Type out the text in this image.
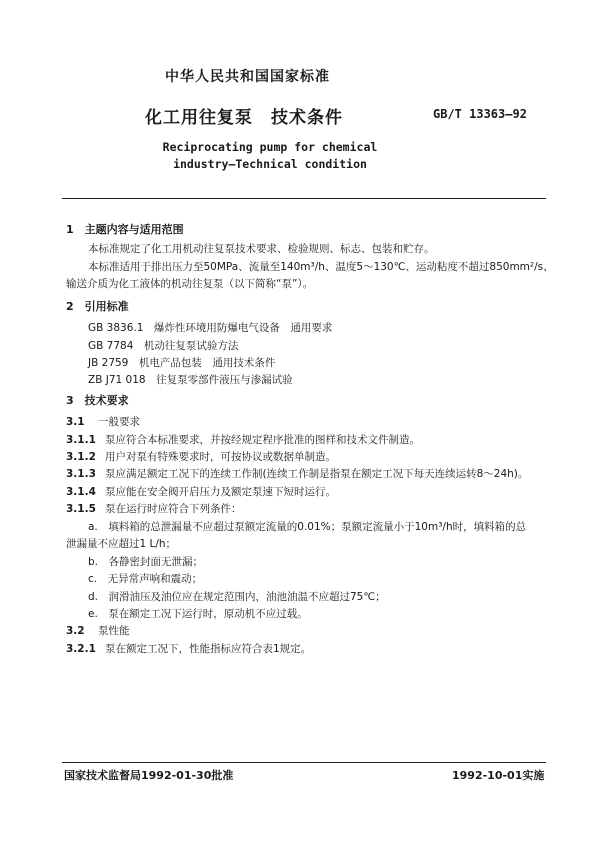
中华人民共和国国家标准
化工用往复泵　技术条件	GB/T 13363—92
Reciprocating pump for chemical
industry—Technical condition
1　主题内容与适用范围
本标准规定了化工用机动往复泵技术要求、检验规则、标志、包装和贮存。
本标准适用于排出压力至50MPa、流量至140m³/h、温度5～130℃、运动粘度不超过850mm²/s、
输送介质为化工液体的机动往复泵（以下简称“泵”）。
2　引用标准
GB 3836.1　爆炸性环境用防爆电气设备　通用要求
GB 7784　机动往复泵试验方法
JB 2759　机电产品包装　通用技术条件
ZB J71 018　往复泵零部件液压与渗漏试验
3　技术要求
3.1 一般要求
3.1.1 泵应符合本标准要求，并按经规定程序批准的图样和技术文件制造。
3.1.2 用户对泵有特殊要求时，可按协议或数据单制造。
3.1.3 泵应满足额定工况下的连续工作制(连续工作制是指泵在额定工况下每天连续运转8～24h)。
3.1.4 泵应能在安全阀开启压力及额定泵速下短时运行。
3.1.5 泵在运行时应符合下列条件：
a.　填料箱的总泄漏量不应超过泵额定流量的0.01%；泵额定流量小于10m³/h时，填料箱的总
泄漏量不应超过1 L/h；
b.　各静密封面无泄漏；
c.　无异常声响和震动；
d.　润滑油压及油位应在规定范围内，油池油温不应超过75℃；
e.　泵在额定工况下运行时，原动机不应过载。
3.2 泵性能
3.2.1 泵在额定工况下，性能指标应符合表1规定。
国家技术监督局1992-01-30批准	1992-10-01实施
